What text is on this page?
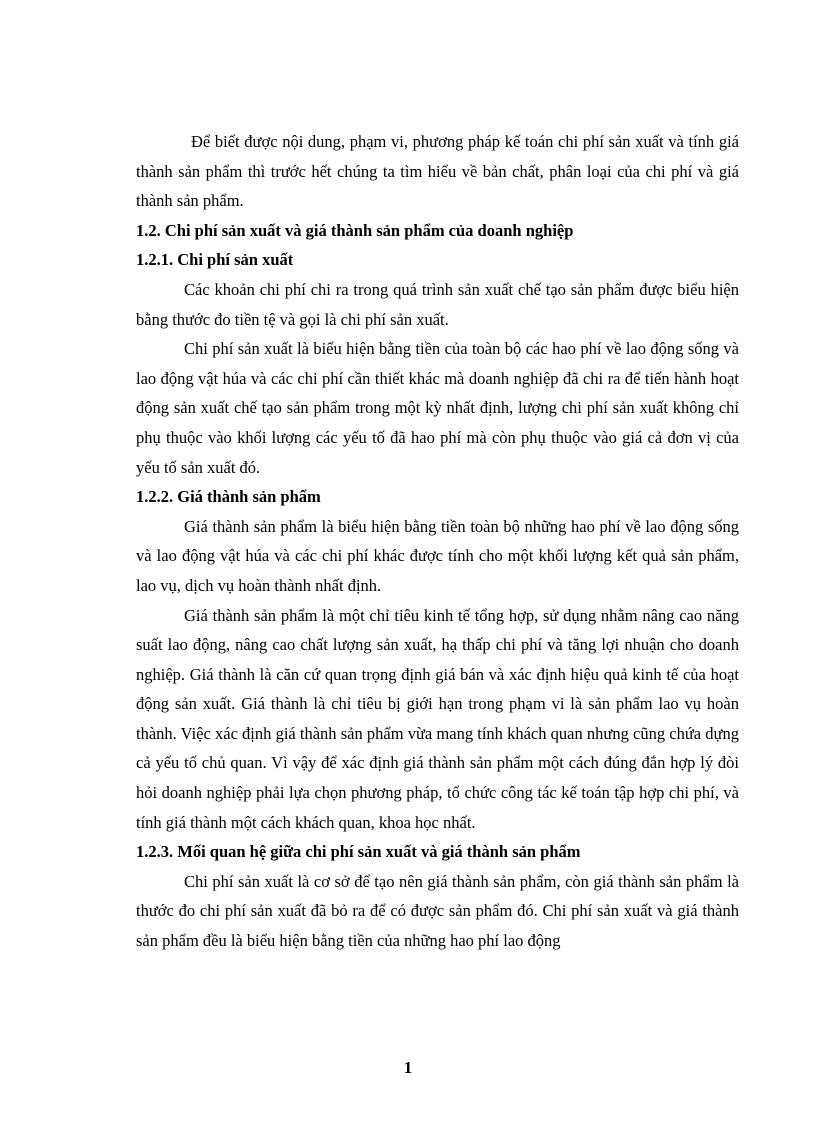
Để biết được nội dung, phạm vi, phương pháp kế toán chi phí sản xuất và tính giá thành sản phẩm thì trước hết chúng ta tìm hiểu về bản chất, phân loại của chi phí và giá thành sản phẩm.

1.2. Chi phí sản xuất và giá thành sản phẩm của doanh nghiệp

1.2.1. Chi phí sản xuất

Các khoản chi phí chi ra trong quá trình sản xuất chế tạo sản phẩm được biểu hiện bằng thước đo tiền tệ và gọi là chi phí sản xuất.

Chi phí sản xuất là biểu hiện bằng tiền của toàn bộ các hao phí về lao động sống và lao động vật húa và các chi phí cần thiết khác mà doanh nghiệp đã chi ra để tiến hành hoạt động sản xuất chế tạo sản phẩm trong một kỳ nhất định, lượng chi phí sản xuất không chỉ phụ thuộc vào khối lượng các yếu tố đã hao phí mà còn phụ thuộc vào giá cả đơn vị của yếu tố sản xuất đó.

1.2.2. Giá thành sản phẩm

Giá thành sản phẩm là biểu hiện bằng tiền toàn bộ những hao phí về lao động sống và lao động vật húa và các chi phí khác được tính cho một khối lượng kết quả sản phẩm, lao vụ, dịch vụ hoàn thành nhất định.

Giá thành sản phẩm là một chỉ tiêu kinh tế tổng hợp, sử dụng nhằm nâng cao năng suất lao động, nâng cao chất lượng sản xuất, hạ thấp chi phí và tăng lợi nhuận cho doanh nghiệp. Giá thành là căn cứ quan trọng định giá bán và xác định hiệu quả kinh tế của hoạt động sản xuất. Giá thành là chỉ tiêu bị giới hạn trong phạm vi là sản phẩm lao vụ hoàn thành. Việc xác định giá thành sản phẩm vừa mang tính khách quan nhưng cũng chứa dựng cả yếu tố chủ quan. Vì vậy để xác định giá thành sản phẩm một cách đúng đắn hợp lý đòi hỏi doanh nghiệp phải lựa chọn phương pháp, tổ chức công tác kế toán tập hợp chi phí, và tính giá thành một cách khách quan, khoa học nhất.

1.2.3. Mối quan hệ giữa chi phí sản xuất và giá thành sản phẩm

Chi phí sản xuất là cơ sở để tạo nên giá thành sản phẩm, còn giá thành sản phẩm là thước đo chi phí sản xuất đã bỏ ra để có được sản phẩm đó. Chi phí sản xuất và giá thành sản phẩm đều là biểu hiện bằng tiền của những hao phí lao động

1
